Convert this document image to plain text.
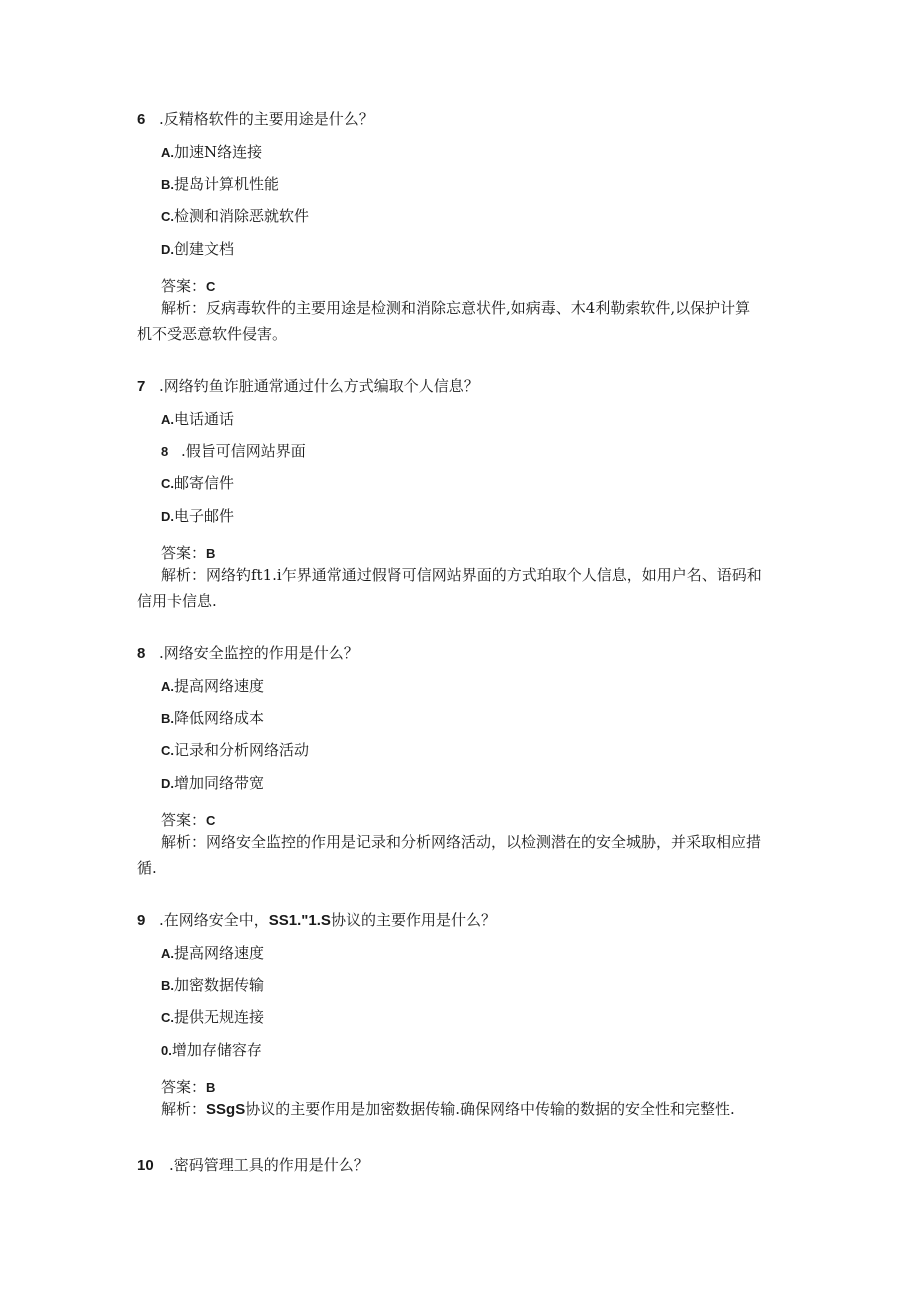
6 .反精格软件的主要用途是什么？
A.加速N络连接
B.提岛计算机性能
C.检测和消除恶就软件
D.创建文档
答案：C
解析：反病毒软件的主要用途是检测和消除忘意状件,如病毒、木4利勒索软件,以保护计算
机不受恶意软件侵害。
7 .网络钓鱼诈脏通常通过什么方式编取个人信息？
A.电话通话
8 .假旨可信网站界面
C.邮寄信件
D.电子邮件
答案：B
解析：网络钓ft1.i乍界通常通过假肾可信网站界面的方式珀取个人信息，如用户名、语码和
信用卡信息.
8 .网络安全监控的作用是什么？
A.提高网络速度
B.降低网络成本
C.记录和分析网络活动
D.增加同络带宽
答案：C
解析：网络安全监控的作用是记录和分析网络活动，以检测潜在的安全城胁，并采取相应措
循.
9 .在网络安全中，SS1."1.S协议的主要作用是什么？
A.提高网络速度
B.加密数据传输
C.提供无规连接
0.增加存储容存
答案：B
解析：SSgS协议的主要作用是加密数据传输.确保网络中传输的数据的安全性和完整性.
10 .密码管理工具的作用是什么？
